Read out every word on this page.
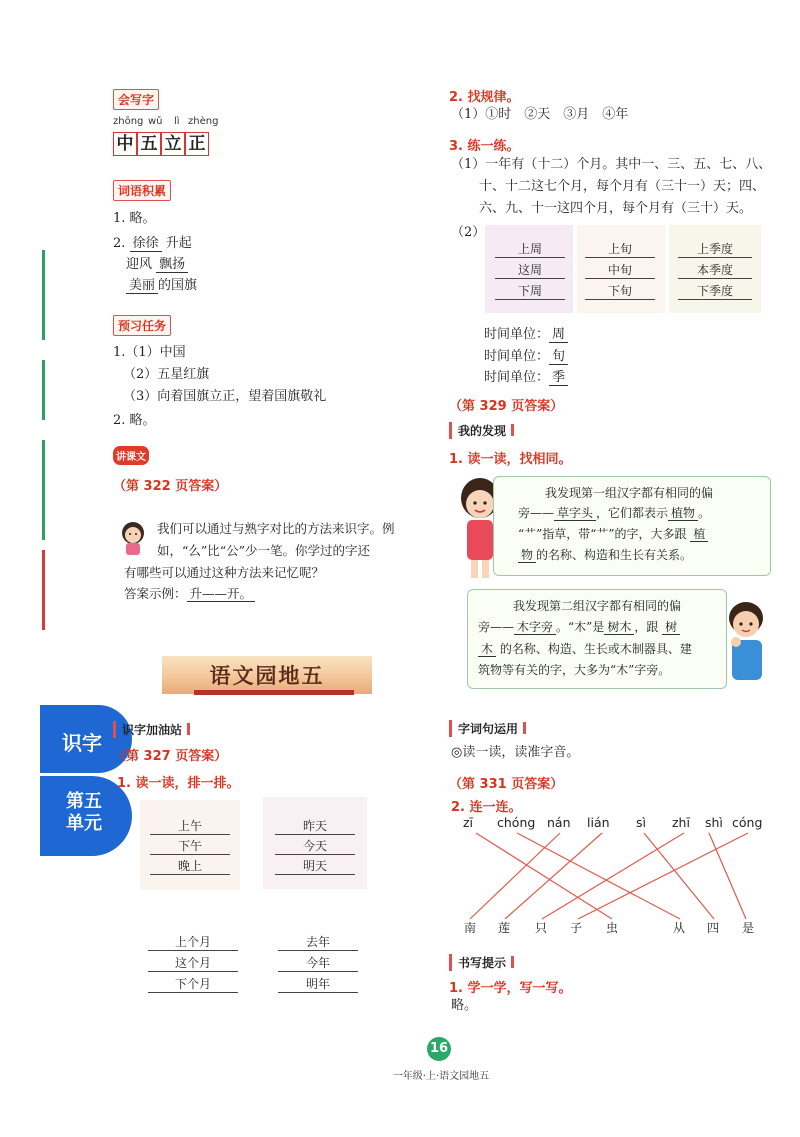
会写字
zhōng wǔ lì zhèng
中 五 立 正
词语积累
1. 略。
2. 徐徐 升起
迎风 飘扬
美丽 的国旗
预习任务
1.（1）中国
（2）五星红旗
（3）向着国旗立正，望着国旗敬礼
2. 略。
讲课文
（第 322 页答案）
我们可以通过与熟字对比的方法来识字。例
如，“么”比“公”少一笔。你学过的字还
有哪些可以通过这种方法来记忆呢？
答案示例： 升——开。
语文园地五
识字
第五
单元
识字加油站
（第 327 页答案）
1. 读一读，排一排。
上午
下午
晚上
昨天
今天
明天
上个月
这个月
下个月
去年
今年
明年
2. 找规律。
（1）①时　②天　③月　④年
3. 练一练。
（1）一年有（十二）个月。其中一、三、五、七、八、
十、十二这七个月，每个月有（三十一）天；四、
六、九、十一这四个月，每个月有（三十）天。
（2）
上周
这周
下周
上旬
中旬
下旬
上季度
本季度
下季度
时间单位： 周
时间单位： 旬
时间单位： 季
（第 329 页答案）
我的发现
1. 读一读，找相同。
我发现第一组汉字都有相同的偏
旁—— 草字头 ，它们都表示 植物 。
“艹”指草，带“艹”的字，大多跟 植
物 的名称、构造和生长有关系。
我发现第二组汉字都有相同的偏
旁—— 木字旁 。“木”是 树木 ，跟 树
木 的名称、构造、生长或木制器具、建
筑物等有关的字，大多为“木”字旁。
字词句运用
◎读一读，读准字音。
（第 331 页答案）
2. 连一连。
zī chóng nán lián sì zhī shì cóng
南 莲 只 子 虫	从 四 是
书写提示
1. 学一学，写一写。
略。
16
一年级·上·语文园地五
